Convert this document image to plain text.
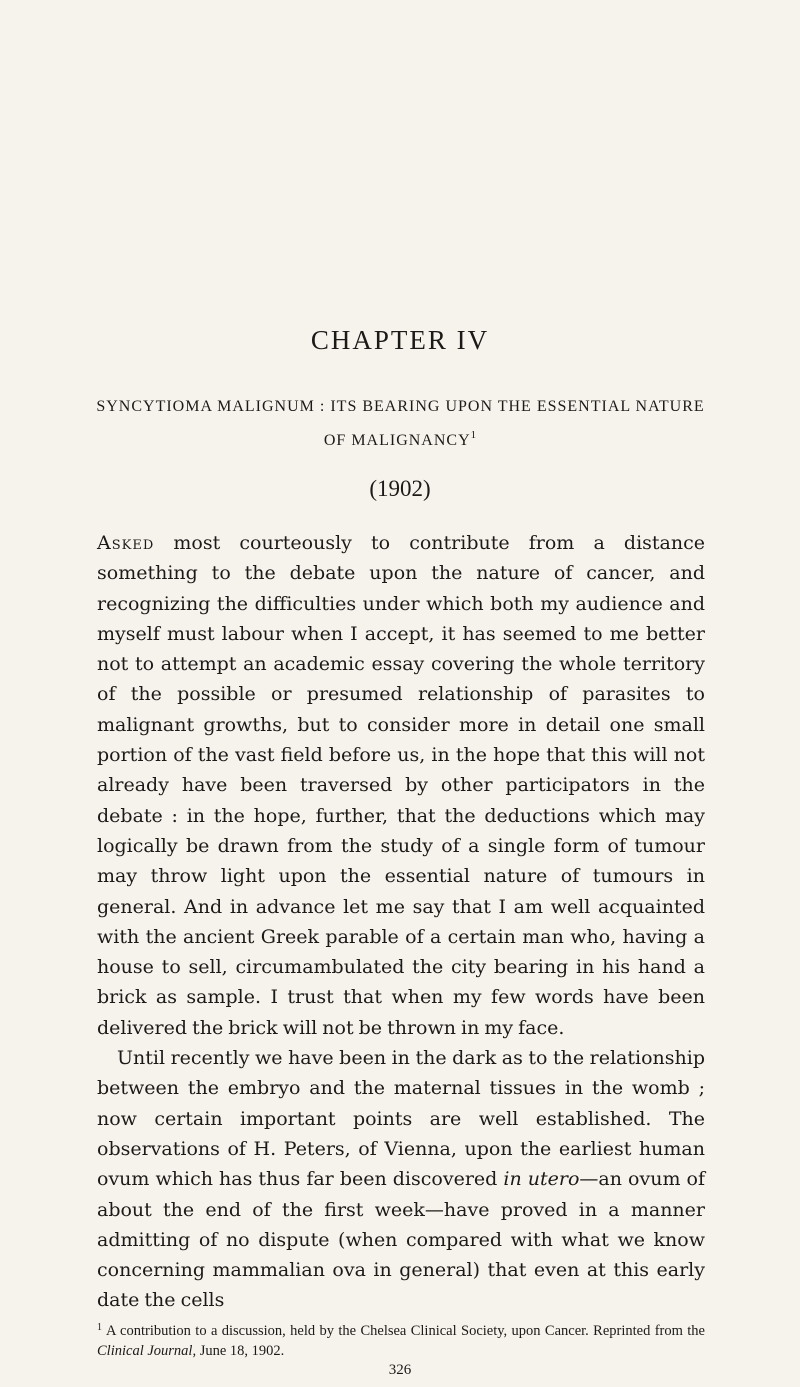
CHAPTER IV
SYNCYTIOMA MALIGNUM : ITS BEARING UPON THE ESSENTIAL NATURE OF MALIGNANCY$^1$
(1902)

Asked most courteously to contribute from a distance something to the debate upon the nature of cancer, and recognizing the difficulties under which both my audience and myself must labour when I accept, it has seemed to me better not to attempt an academic essay covering the whole territory of the possible or presumed relationship of parasites to malignant growths, but to consider more in detail one small portion of the vast field before us, in the hope that this will not already have been traversed by other participators in the debate : in the hope, further, that the deductions which may logically be drawn from the study of a single form of tumour may throw light upon the essential nature of tumours in general. And in advance let me say that I am well acquainted with the ancient Greek parable of a certain man who, having a house to sell, circumambulated the city bearing in his hand a brick as sample. I trust that when my few words have been delivered the brick will not be thrown in my face.

Until recently we have been in the dark as to the relationship between the embryo and the maternal tissues in the womb ; now certain important points are well established. The observations of H. Peters, of Vienna, upon the earliest human ovum which has thus far been discovered in utero—an ovum of about the end of the first week—have proved in a manner admitting of no dispute (when compared with what we know concerning mammalian ova in general) that even at this early date the cells

$^1$ A contribution to a discussion, held by the Chelsea Clinical Society, upon Cancer. Reprinted from the Clinical Journal, June 18, 1902.
326
